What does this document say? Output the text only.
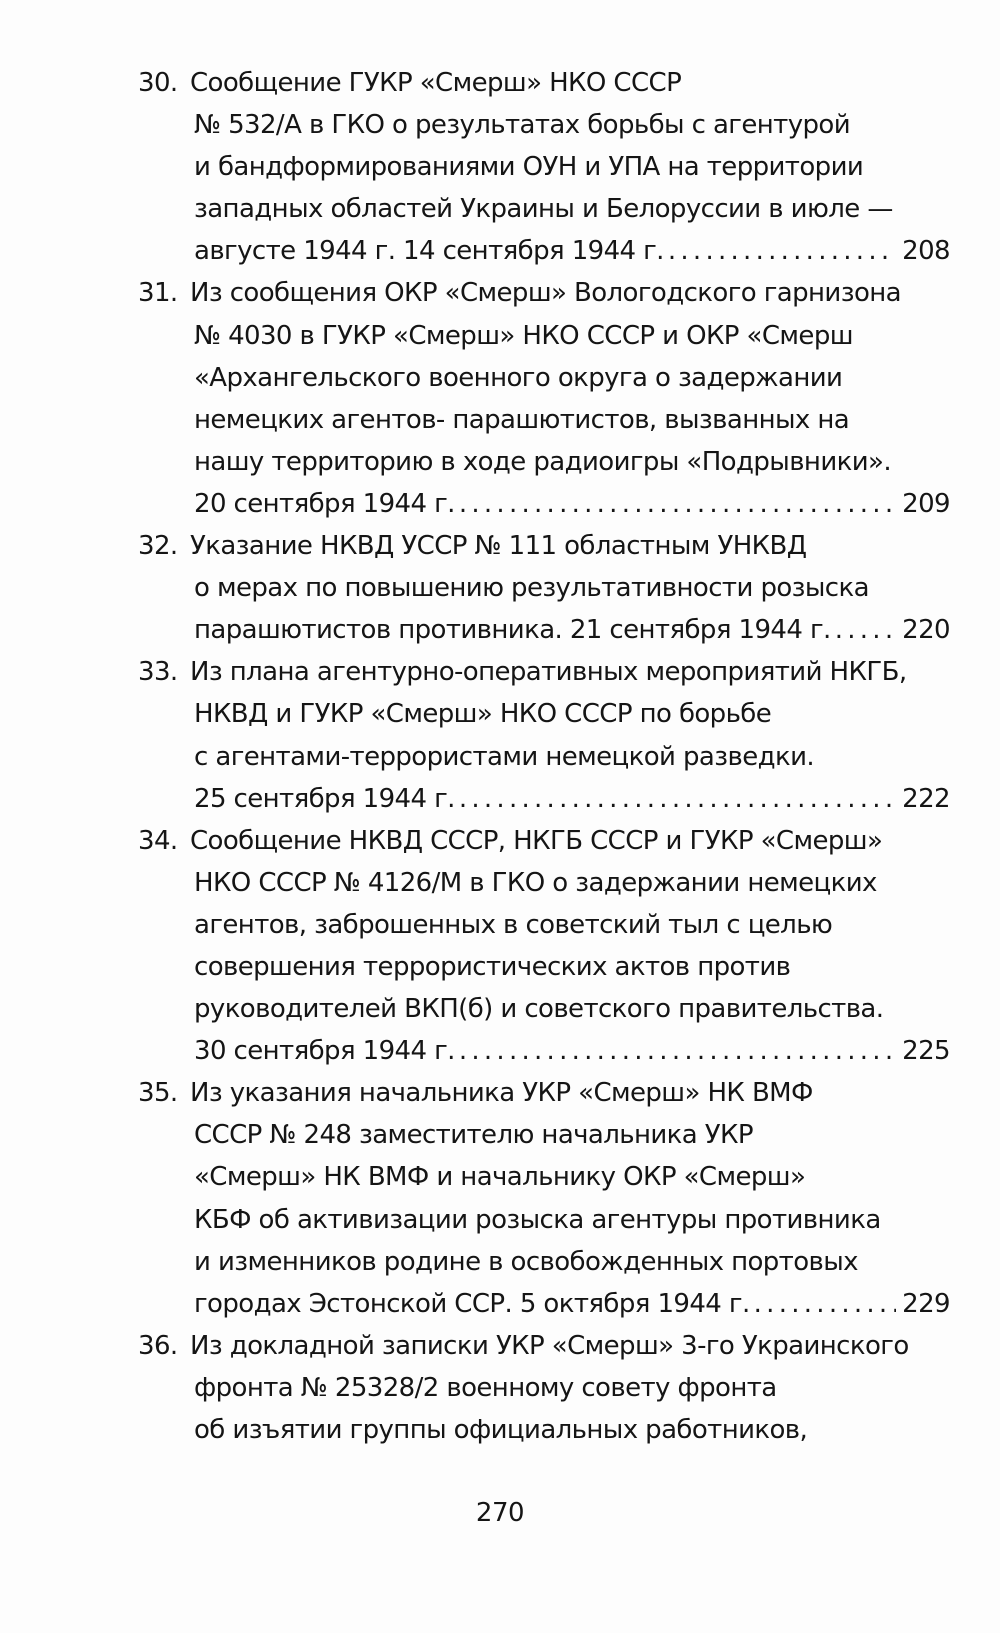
30. Сообщение ГУКР «Смерш» НКО СССР
№ 532/А в ГКО о результатах борьбы с агентурой
и бандформированиями ОУН и УПА на территории
западных областей Украины и Белоруссии в июле —
августе 1944 г. 14 сентября 1944 г. . . .	208
31. Из сообщения ОКР «Смерш» Вологодского гарнизона
№ 4030 в ГУКР «Смерш» НКО СССР и ОКР «Смерш
«Архангельского военного округа о задержании
немецких агентов- парашютистов, вызванных на
нашу территорию в ходе радиоигры «Подрывники».
20 сентября 1944 г. . . .	209
32. Указание НКВД УССР № 111 областным УНКВД
о мерах по повышению результативности розыска
парашютистов противника. 21 сентября 1944 г. . . .	220
33. Из плана агентурно-оперативных мероприятий НКГБ,
НКВД и ГУКР «Смерш» НКО СССР по борьбе
с агентами-террористами немецкой разведки.
25 сентября 1944 г. . . .	222
34. Сообщение НКВД СССР, НКГБ СССР и ГУКР «Смерш»
НКО СССР № 4126/М в ГКО о задержании немецких
агентов, заброшенных в советский тыл с целью
совершения террористических актов против
руководителей ВКП(б) и советского правительства.
30 сентября 1944 г. . . .	225
35. Из указания начальника УКР «Смерш» НК ВМФ
СССР № 248 заместителю начальника УКР
«Смерш» НК ВМФ и начальнику ОКР «Смерш»
КБФ об активизации розыска агентуры противника
и изменников родине в освобожденных портовых
городах Эстонской ССР. 5 октября 1944 г. . . .	229
36. Из докладной записки УКР «Смерш» 3-го Украинского
фронта № 25328/2 военному совету фронта
об изъятии группы официальных работников,
270
